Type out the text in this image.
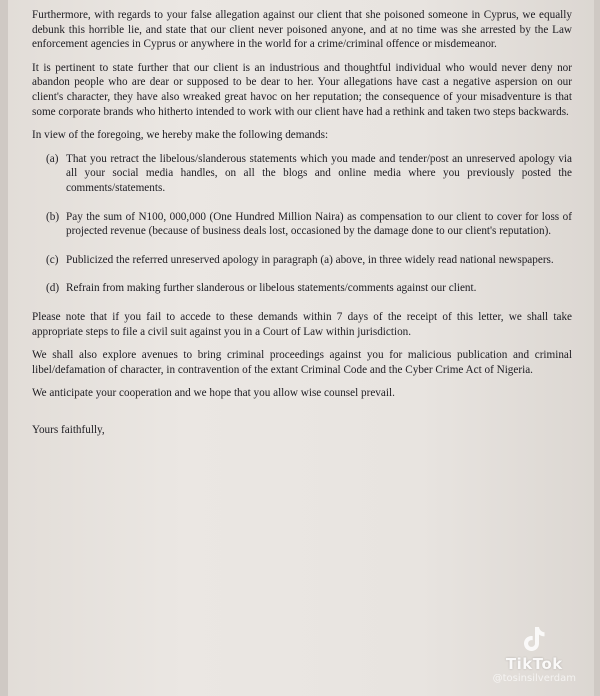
Furthermore, with regards to your false allegation against our client that she poisoned someone in Cyprus, we equally debunk this horrible lie, and state that our client never poisoned anyone, and at no time was she arrested by the Law enforcement agencies in Cyprus or anywhere in the world for a crime/criminal offence or misdemeanor.

It is pertinent to state further that our client is an industrious and thoughtful individual who would never deny nor abandon people who are dear or supposed to be dear to her. Your allegations have cast a negative aspersion on our client's character, they have also wreaked great havoc on her reputation; the consequence of your misadventure is that some corporate brands who hitherto intended to work with our client have had a rethink and taken two steps backwards.

In view of the foregoing, we hereby make the following demands:

(a) That you retract the libelous/slanderous statements which you made and tender/post an unreserved apology via all your social media handles, on all the blogs and online media where you previously posted the comments/statements.
(b) Pay the sum of N100, 000,000 (One Hundred Million Naira) as compensation to our client to cover for loss of projected revenue (because of business deals lost, occasioned by the damage done to our client's reputation).
(c) Publicized the referred unreserved apology in paragraph (a) above, in three widely read national newspapers.
(d) Refrain from making further slanderous or libelous statements/comments against our client.

Please note that if you fail to accede to these demands within 7 days of the receipt of this letter, we shall take appropriate steps to file a civil suit against you in a Court of Law within jurisdiction.

We shall also explore avenues to bring criminal proceedings against you for malicious publication and criminal libel/defamation of character, in contravention of the extant Criminal Code and the Cyber Crime Act of Nigeria.

We anticipate your cooperation and we hope that you allow wise counsel prevail.

Yours faithfully,

TikTok
@tosinsilverdam
